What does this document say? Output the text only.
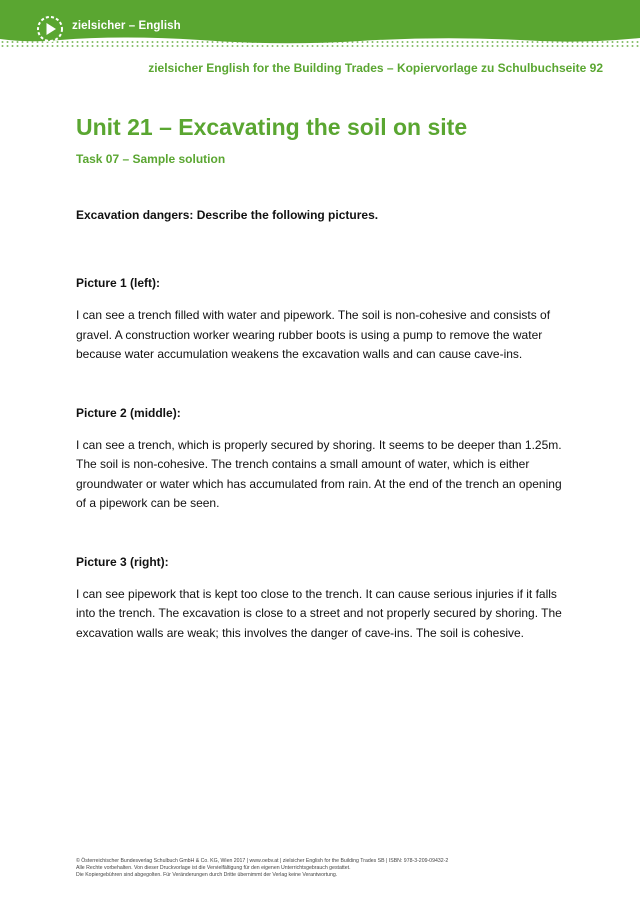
zielsicher – English
zielsicher English for the Building Trades – Kopiervorlage zu Schulbuchseite 92
Unit 21 – Excavating the soil on site
Task 07 – Sample solution

Excavation dangers: Describe the following pictures.

Picture 1 (left):

I can see a trench filled with water and pipework. The soil is non-cohesive and consists of gravel. A construction worker wearing rubber boots is using a pump to remove the water because water accumulation weakens the excavation walls and can cause cave-ins.

Picture 2 (middle):

I can see a trench, which is properly secured by shoring. It seems to be deeper than 1.25m. The soil is non-cohesive. The trench contains a small amount of water, which is either groundwater or water which has accumulated from rain. At the end of the trench an opening of a pipework can be seen.

Picture 3 (right):

I can see pipework that is kept too close to the trench. It can cause serious injuries if it falls into the trench. The excavation is close to a street and not properly secured by shoring. The excavation walls are weak; this involves the danger of cave-ins. The soil is cohesive.

© Österreichischer Bundesverlag Schulbuch GmbH & Co. KG, Wien 2017 | www.oebv.at | zielsicher English for the Building Trades SB | ISBN: 978-3-209-09432-2
Alle Rechte vorbehalten. Von dieser Druckvorlage ist die Vervielfältigung für den eigenen Unterrichtsgebrauch gestattet.
Die Kopiergebühren sind abgegolten. Für Veränderungen durch Dritte übernimmt der Verlag keine Verantwortung.
